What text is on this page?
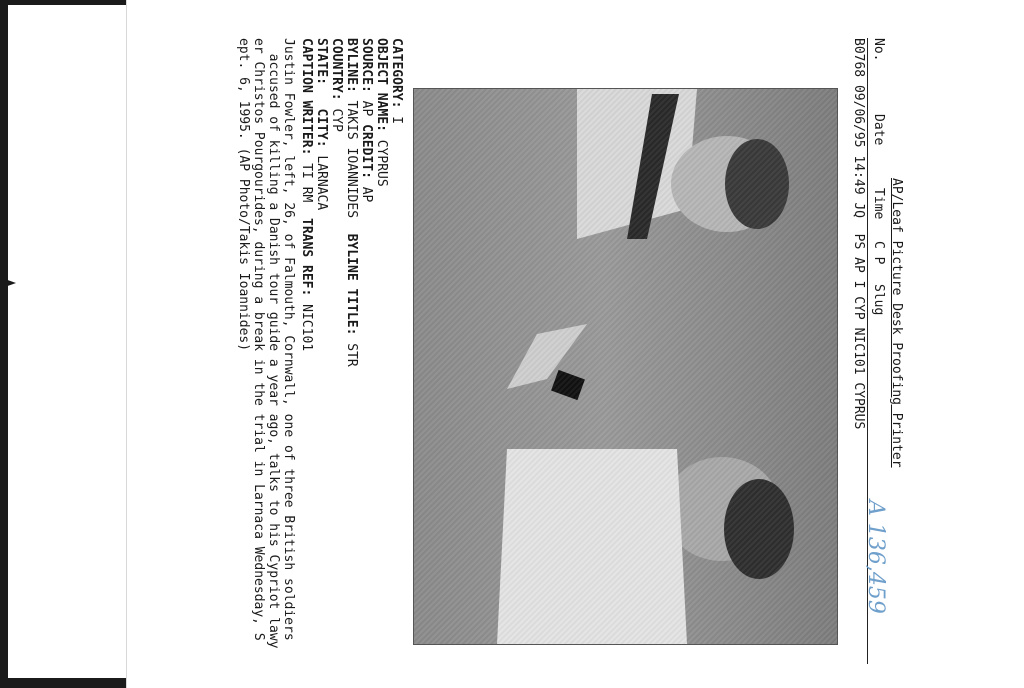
No.

Date

Time

C P

Slug

AP/Leaf Picture Desk Proofing Printer
B0768 09/06/95 14:49 JQ  PS AP I CYP NIC101 CYPRUS
CATEGORY: I
OBJECT NAME: CYPRUS
SOURCE: AP CREDIT: AP
BYLINE: TAKIS IOANNIDES  BYLINE TITLE: STR
COUNTRY: CYP
STATE:   CITY: LARNACA
CAPTION WRITER: TI RM  TRANS REF: NIC101
Justin Fowler, left, 26, of Falmouth, Cornwall, one of three British soldiers
accused of killing a Danish tour guide a year ago, talks to his Cypriot lawy
er Christos Pourgourides, during a break in the trial in Larnaca Wednesday, S
ept. 6, 1995. (AP Photo/Takis Ioannides)
A 136,459
